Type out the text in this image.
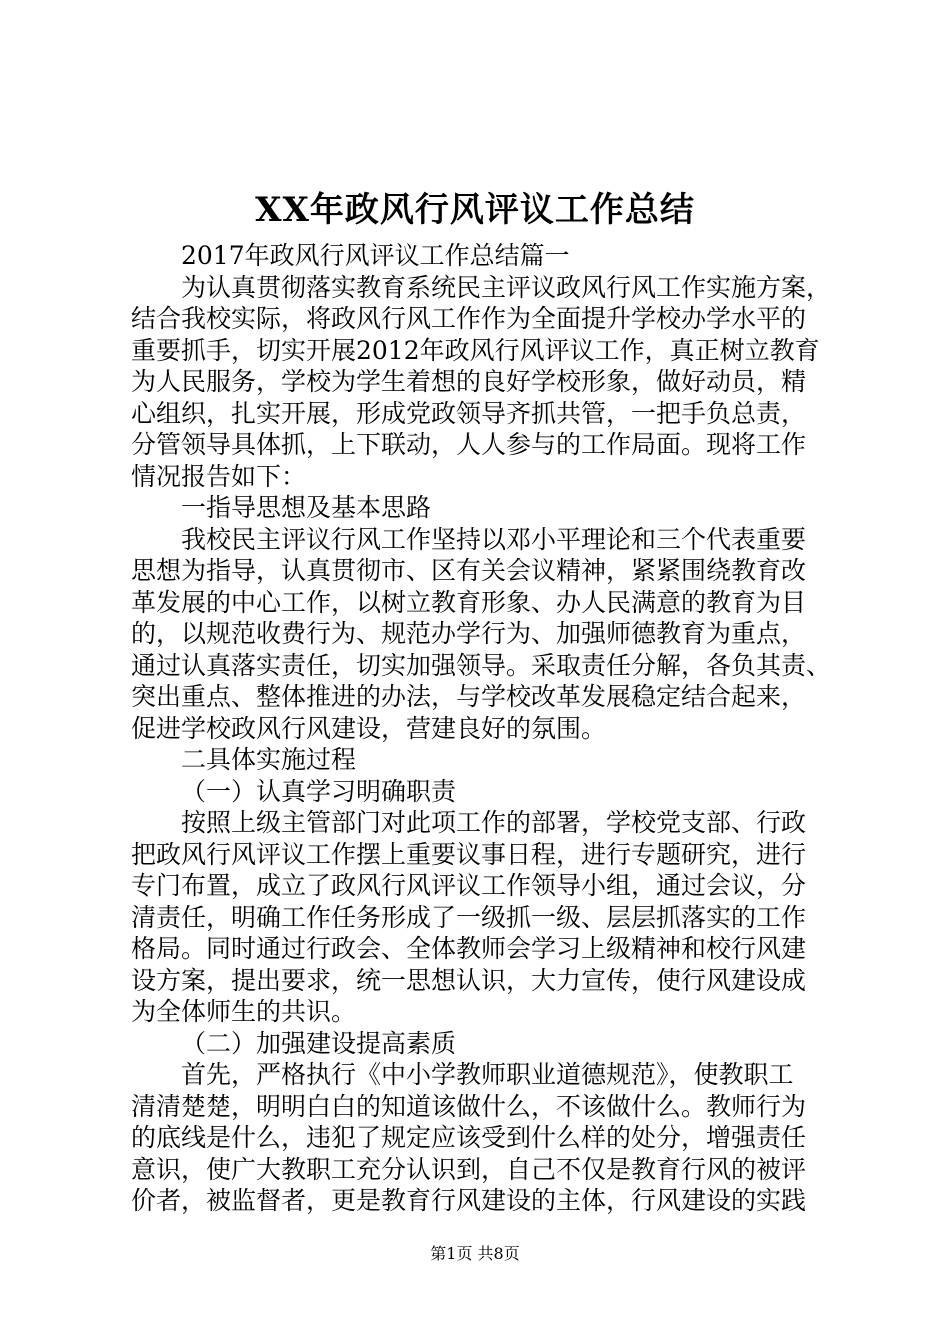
XX年政风行风评议工作总结
2017年政风行风评议工作总结篇一
为认真贯彻落实教育系统民主评议政风行风工作实施方案，
结合我校实际，将政风行风工作作为全面提升学校办学水平的
重要抓手，切实开展2012年政风行风评议工作，真正树立教育
为人民服务，学校为学生着想的良好学校形象，做好动员，精
心组织，扎实开展，形成党政领导齐抓共管，一把手负总责，
分管领导具体抓，上下联动，人人参与的工作局面。现将工作
情况报告如下：
一指导思想及基本思路
我校民主评议行风工作坚持以邓小平理论和三个代表重要
思想为指导，认真贯彻市、区有关会议精神，紧紧围绕教育改
革发展的中心工作，以树立教育形象、办人民满意的教育为目
的，以规范收费行为、规范办学行为、加强师德教育为重点，
通过认真落实责任，切实加强领导。采取责任分解，各负其责、
突出重点、整体推进的办法，与学校改革发展稳定结合起来，
促进学校政风行风建设，营建良好的氛围。
二具体实施过程
（一）认真学习明确职责
按照上级主管部门对此项工作的部署，学校党支部、行政
把政风行风评议工作摆上重要议事日程，进行专题研究，进行
专门布置，成立了政风行风评议工作领导小组，通过会议，分
清责任，明确工作任务形成了一级抓一级、层层抓落实的工作
格局。同时通过行政会、全体教师会学习上级精神和校行风建
设方案，提出要求，统一思想认识，大力宣传，使行风建设成
为全体师生的共识。
（二）加强建设提高素质
首先，严格执行《中小学教师职业道德规范》，使教职工
清清楚楚，明明白白的知道该做什么，不该做什么。教师行为
的底线是什么，违犯了规定应该受到什么样的处分，增强责任
意识，使广大教职工充分认识到，自己不仅是教育行风的被评
价者，被监督者，更是教育行风建设的主体，行风建设的实践
第1页 共8页
